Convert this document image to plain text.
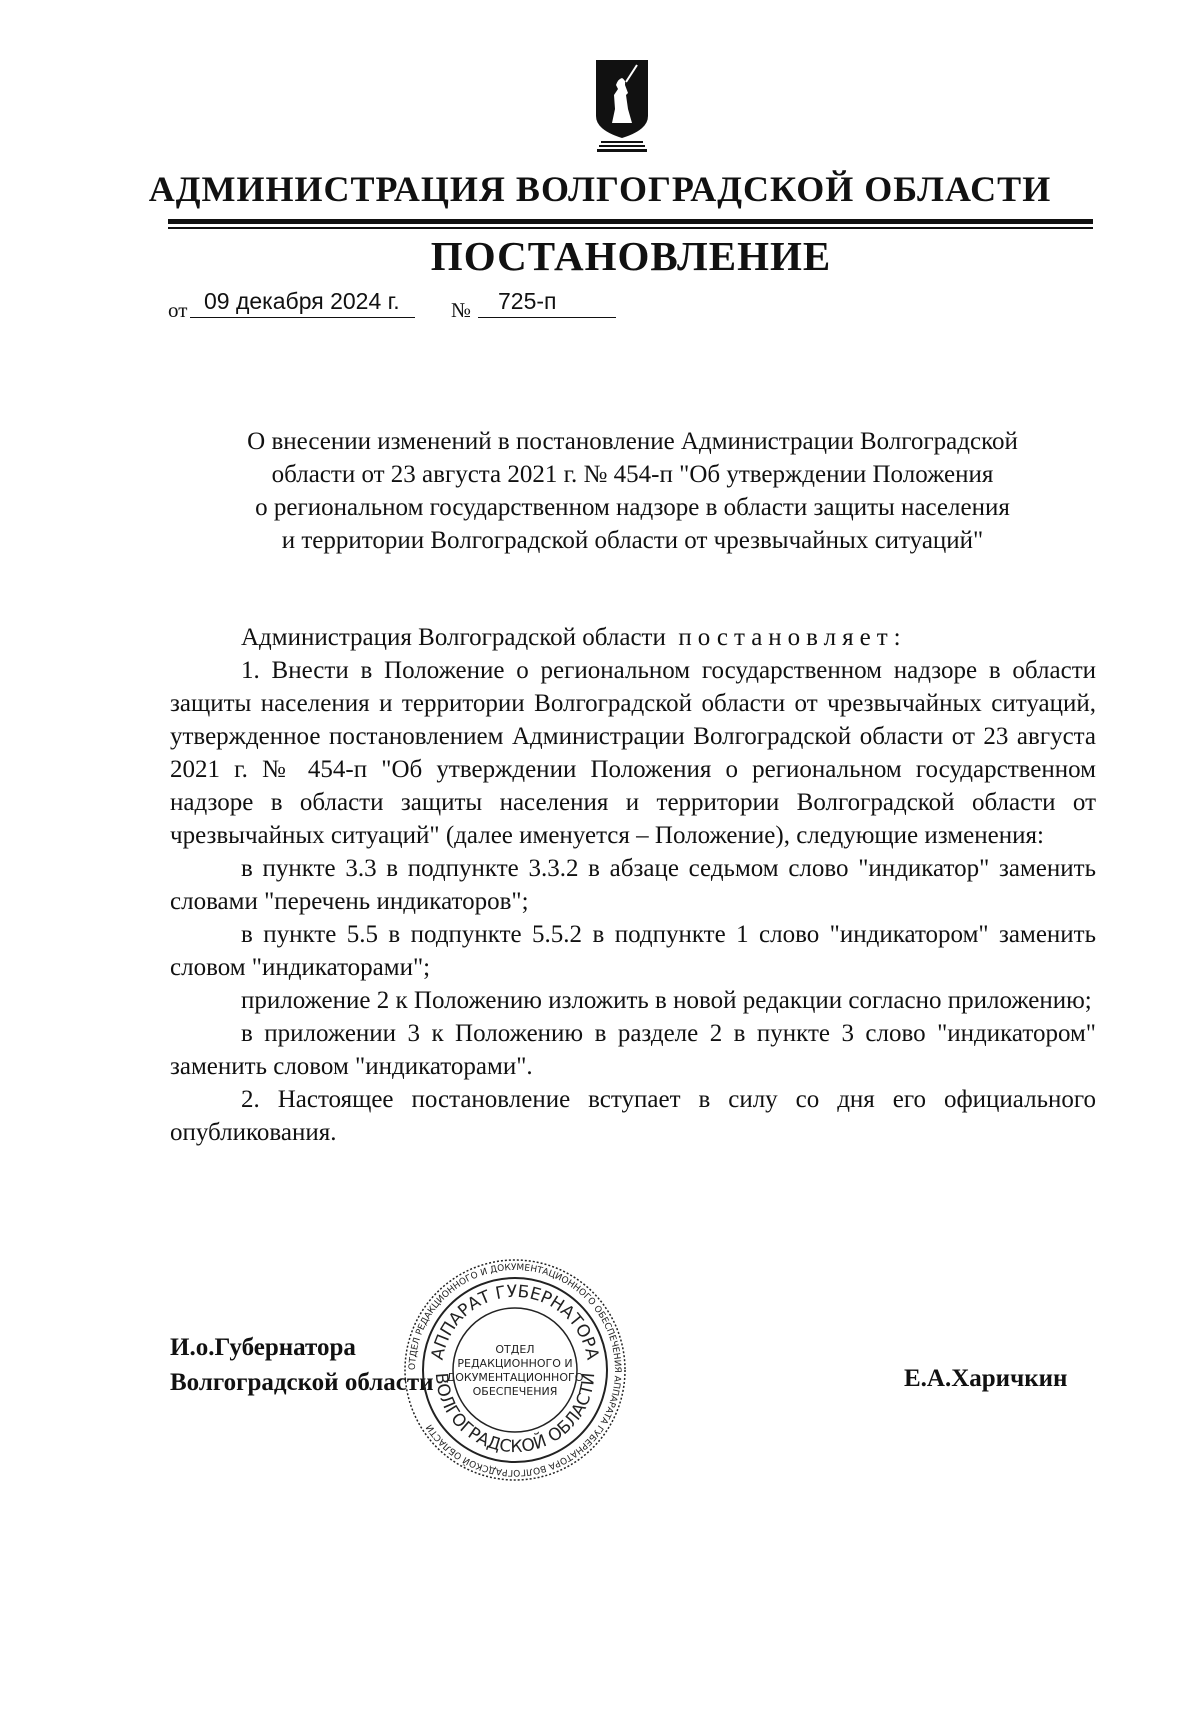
АДМИНИСТРАЦИЯ ВОЛГОГРАДСКОЙ ОБЛАСТИ
ПОСТАНОВЛЕНИЕ
от 09 декабря 2024 г.	№	725-п
О внесении изменений в постановление Администрации Волгоградской
области от 23 августа 2021 г. № 454-п "Об утверждении Положения
о региональном государственном надзоре в области защиты населения
и территории Волгоградской области от чрезвычайных ситуаций"

Администрация Волгоградской области постановляет:

1. Внести в Положение о региональном государственном надзоре в области защиты населения и территории Волгоградской области от чрезвычайных ситуаций, утвержденное постановлением Администрации Волгоградской области от 23 августа 2021 г. № 454-п "Об утверждении Положения о региональном государственном надзоре в области защиты населения и территории Волгоградской области от чрезвычайных ситуаций" (далее именуется – Положение), следующие изменения:

в пункте 3.3 в подпункте 3.3.2 в абзаце седьмом слово "индикатор" заменить словами "перечень индикаторов";

в пункте 5.5 в подпункте 5.5.2 в подпункте 1 слово "индикатором" заменить словом "индикаторами";

приложение 2 к Положению изложить в новой редакции согласно приложению;

в приложении 3 к Положению в разделе 2 в пункте 3 слово "индикатором" заменить словом "индикаторами".

2. Настоящее постановление вступает в силу со дня его официального опубликования.

И.о.Губернатора
Волгоградской области	Е.А.Харичкин
ОТДЕЛ РЕДАКЦИОННОГО И ДОКУМЕНТАЦИОННОГО ОБЕСПЕЧЕНИЯ АППАРАТА ГУБЕРНАТОРА ВОЛГОГРАДСКОЙ ОБЛАСТИ
АППАРАТ ГУБЕРНАТОРА
ВОЛГОГРАДСКОЙ ОБЛАСТИ
ОТДЕЛ
РЕДАКЦИОННОГО И
ДОКУМЕНТАЦИОННОГО
ОБЕСПЕЧЕНИЯ
